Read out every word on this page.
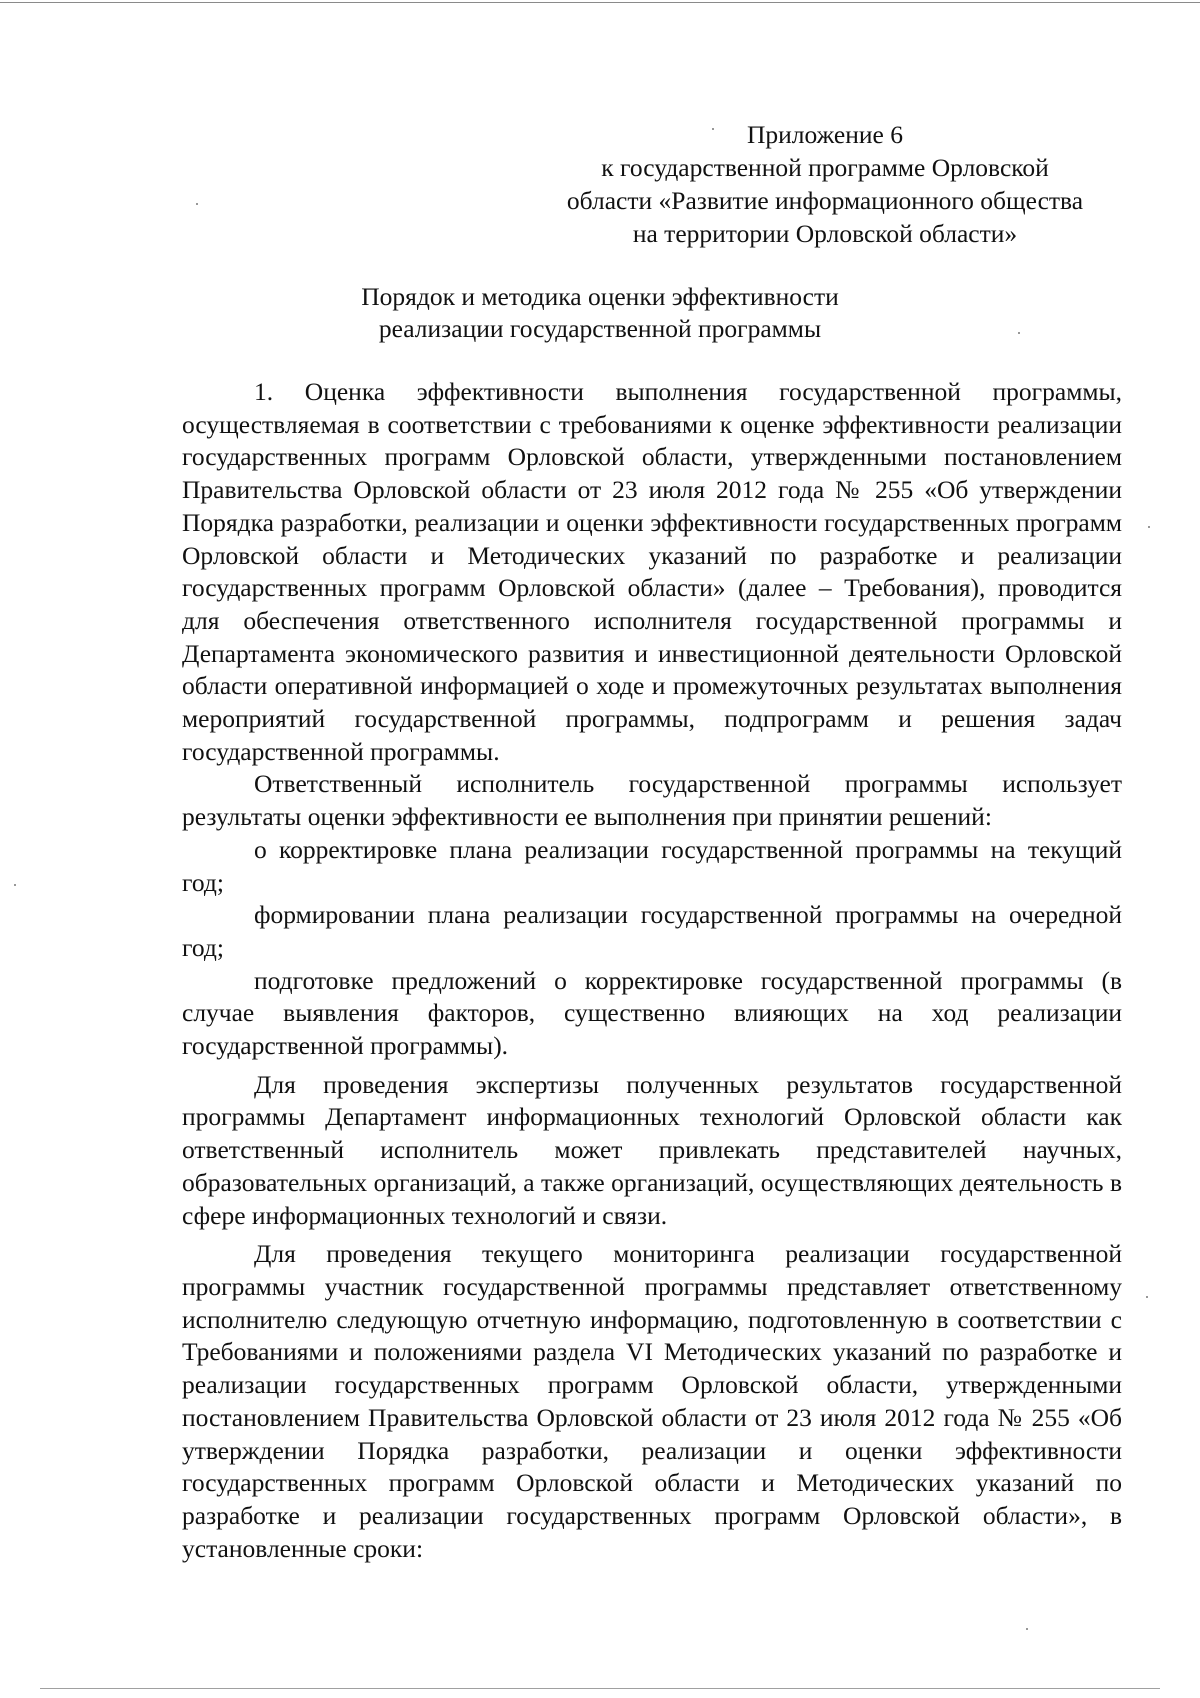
Приложение 6
к государственной программе Орловской
области «Развитие информационного общества
на территории Орловской области»
Порядок и методика оценки эффективности
реализации государственной программы

1. Оценка эффективности выполнения государственной программы, осуществляемая в соответствии с требованиями к оценке эффективности реализации государственных программ Орловской области, утвержденными постановлением Правительства Орловской области от 23 июля 2012 года № 255 «Об утверждении Порядка разработки, реализации и оценки эффективности государственных программ Орловской области и Методических указаний по разработке и реализации государственных программ Орловской области» (далее – Требования), проводится для обеспечения ответственного исполнителя государственной программы и Департамента экономического развития и инвестиционной деятельности Орловской области оперативной информацией о ходе и промежуточных результатах выполнения мероприятий государственной программы, подпрограмм и решения задач государственной программы.

Ответственный исполнитель государственной программы использует результаты оценки эффективности ее выполнения при принятии решений:

о корректировке плана реализации государственной программы на текущий год;

формировании плана реализации государственной программы на очередной год;

подготовке предложений о корректировке государственной программы (в случае выявления факторов, существенно влияющих на ход реализации государственной программы).

Для проведения экспертизы полученных результатов государственной программы Департамент информационных технологий Орловской области как ответственный исполнитель может привлекать представителей научных, образовательных организаций, а также организаций, осуществляющих деятельность в сфере информационных технологий и связи.

Для проведения текущего мониторинга реализации государственной программы участник государственной программы представляет ответственному исполнителю следующую отчетную информацию, подготовленную в соответствии с Требованиями и положениями раздела VI Методических указаний по разработке и реализации государственных программ Орловской области, утвержденными постановлением Правительства Орловской области от 23 июля 2012 года № 255 «Об утверждении Порядка разработки, реализации и оценки эффективности государственных программ Орловской области и Методических указаний по разработке и реализации государственных программ Орловской области», в установленные сроки:
